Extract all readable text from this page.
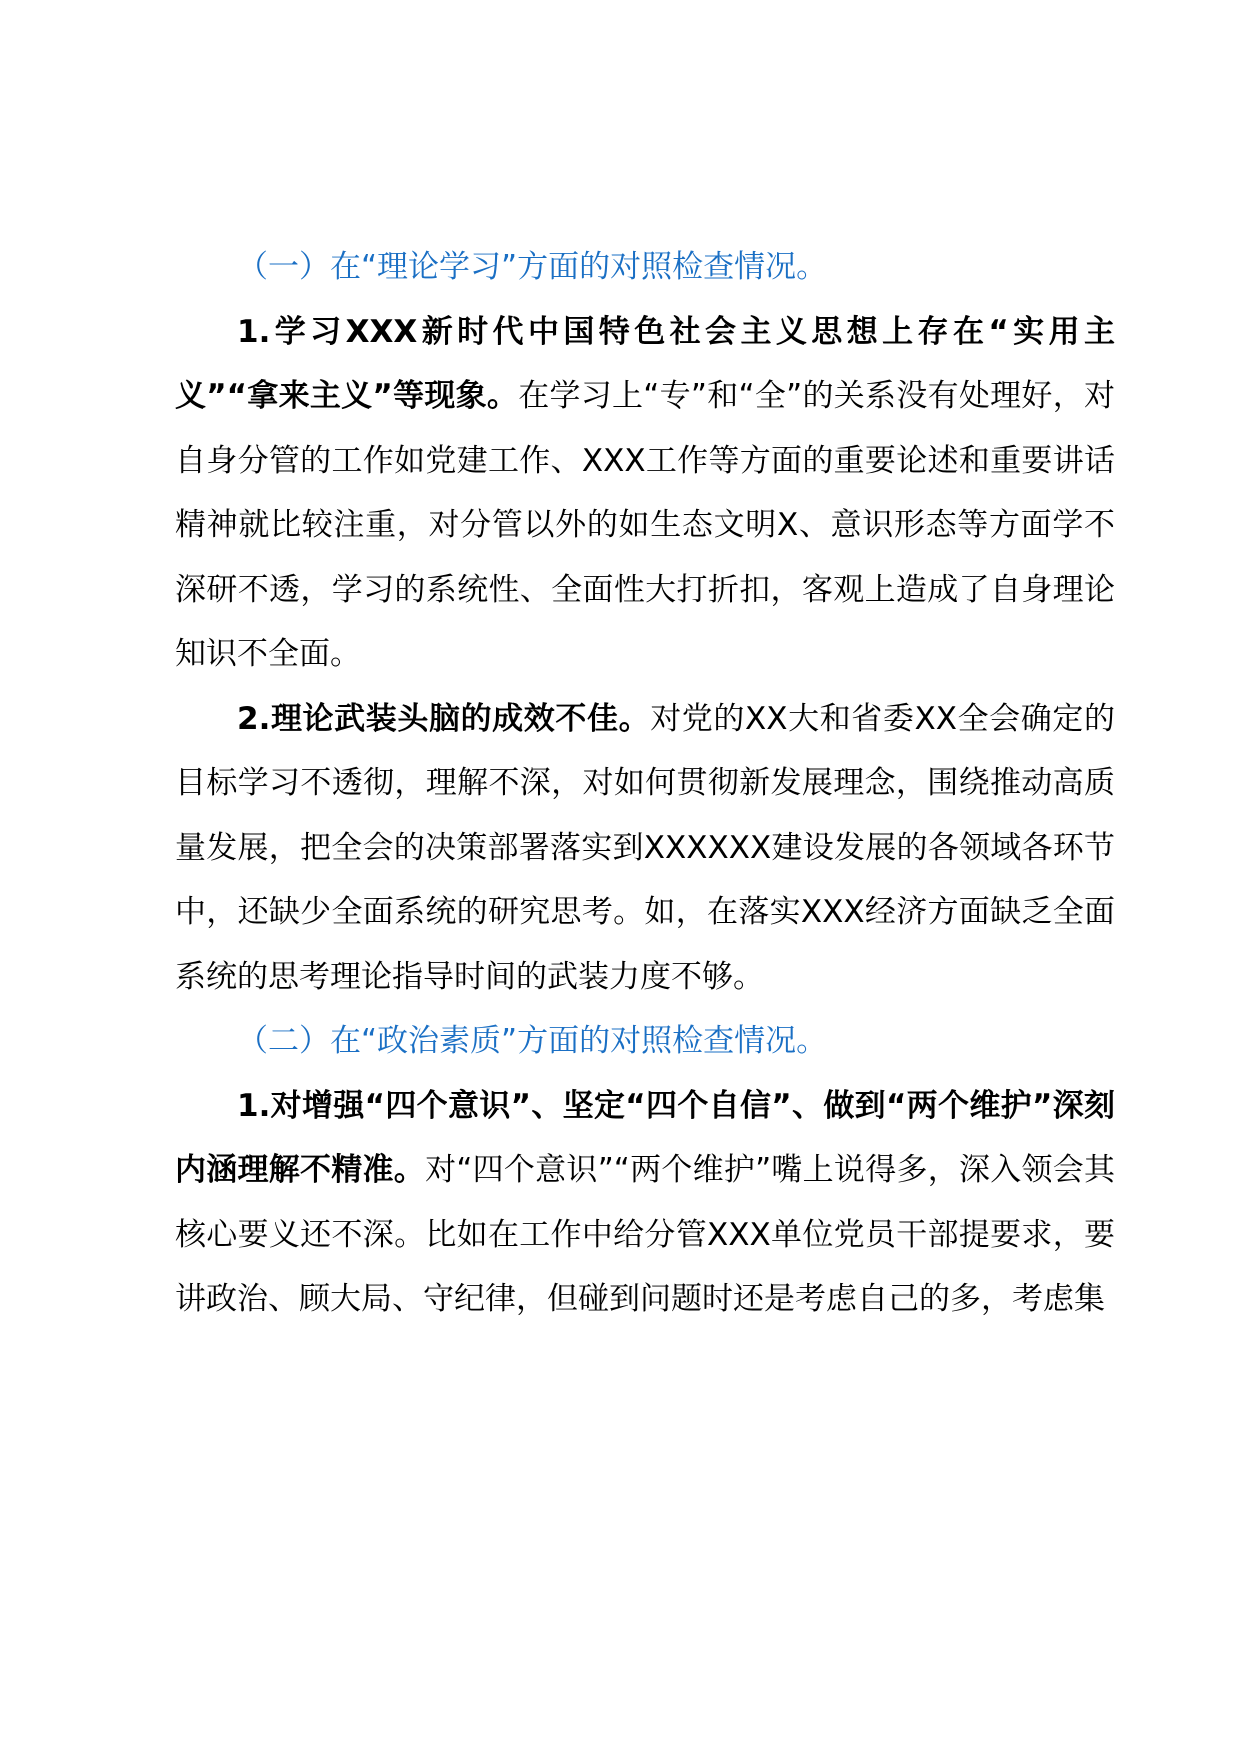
（一）在“理论学习”方面的对照检查情况。

1.学习XXX新时代中国特色社会主义思想上存在“实用主义”“拿来主义”等现象。在学习上“专”和“全”的关系没有处理好，对自身分管的工作如党建工作、XXX工作等方面的重要论述和重要讲话精神就比较注重，对分管以外的如生态文明X、意识形态等方面学不深研不透，学习的系统性、全面性大打折扣，客观上造成了自身理论知识不全面。

2.理论武装头脑的成效不佳。对党的XX大和省委XX全会确定的目标学习不透彻，理解不深，对如何贯彻新发展理念，围绕推动高质量发展，把全会的决策部署落实到XXXXXX建设发展的各领域各环节中，还缺少全面系统的研究思考。如，在落实XXX经济方面缺乏全面系统的思考理论指导时间的武装力度不够。

（二）在“政治素质”方面的对照检查情况。

1.对增强“四个意识”、坚定“四个自信”、做到“两个维护”深刻内涵理解不精准。对“四个意识”“两个维护”嘴上说得多，深入领会其核心要义还不深。比如在工作中给分管XXX单位党员干部提要求，要讲政治、顾大局、守纪律，但碰到问题时还是考虑自己的多，考虑集
